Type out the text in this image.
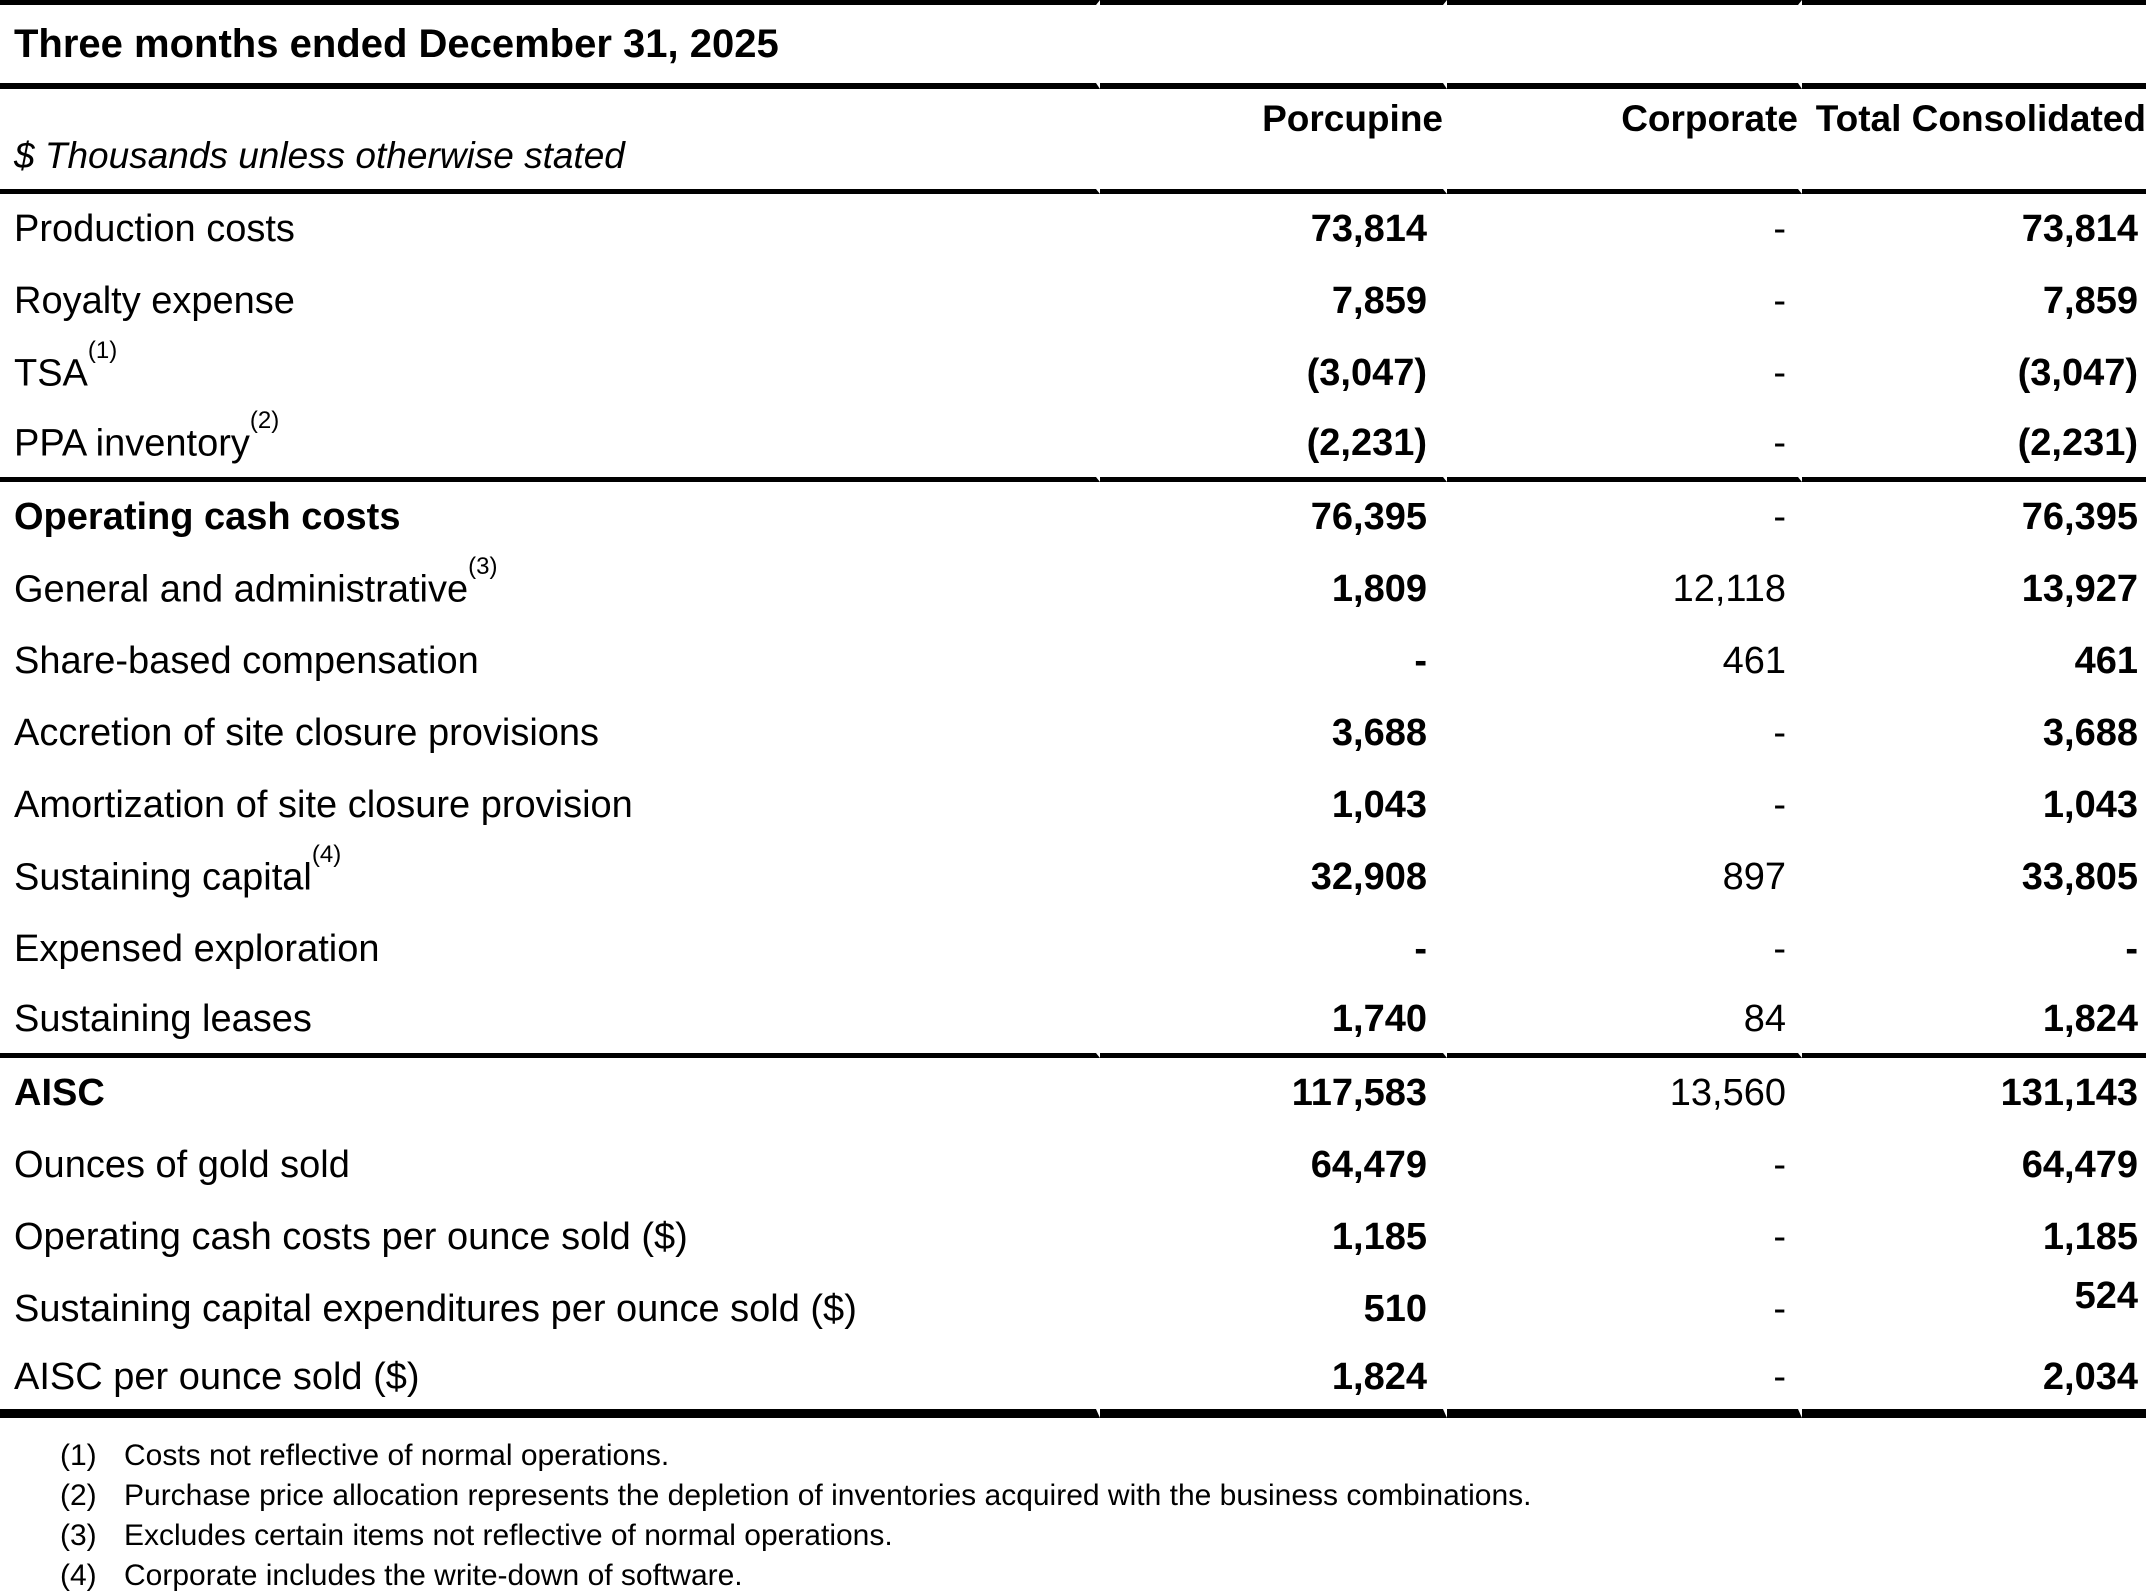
Three months ended December 31, 2025			
$ Thousands unless otherwise stated	Porcupine	Corporate	Total Consolidated
Production costs	73,814	-	73,814
Royalty expense	7,859	-	7,859
TSA$^{(1)}$	(3,047)	-	(3,047)
PPA inventory$^{(2)}$	(2,231)	-	(2,231)
Operating cash costs	76,395	-	76,395
General and administrative$^{(3)}$	1,809	12,118	13,927
Share-based compensation	-	461	461
Accretion of site closure provisions	3,688	-	3,688
Amortization of site closure provision	1,043	-	1,043
Sustaining capital$^{(4)}$	32,908	897	33,805
Expensed exploration	-	-	-
Sustaining leases	1,740	84	1,824
AISC	117,583	13,560	131,143
Ounces of gold sold	64,479	-	64,479
Operating cash costs per ounce sold ($)	1,185	-	1,185
Sustaining capital expenditures per ounce sold ($)	510	-	524
AISC per ounce sold ($)	1,824	-	2,034
(1) Costs not reflective of normal operations.
(2) Purchase price allocation represents the depletion of inventories acquired with the business combinations.
(3) Excludes certain items not reflective of normal operations.
(4) Corporate includes the write-down of software.
